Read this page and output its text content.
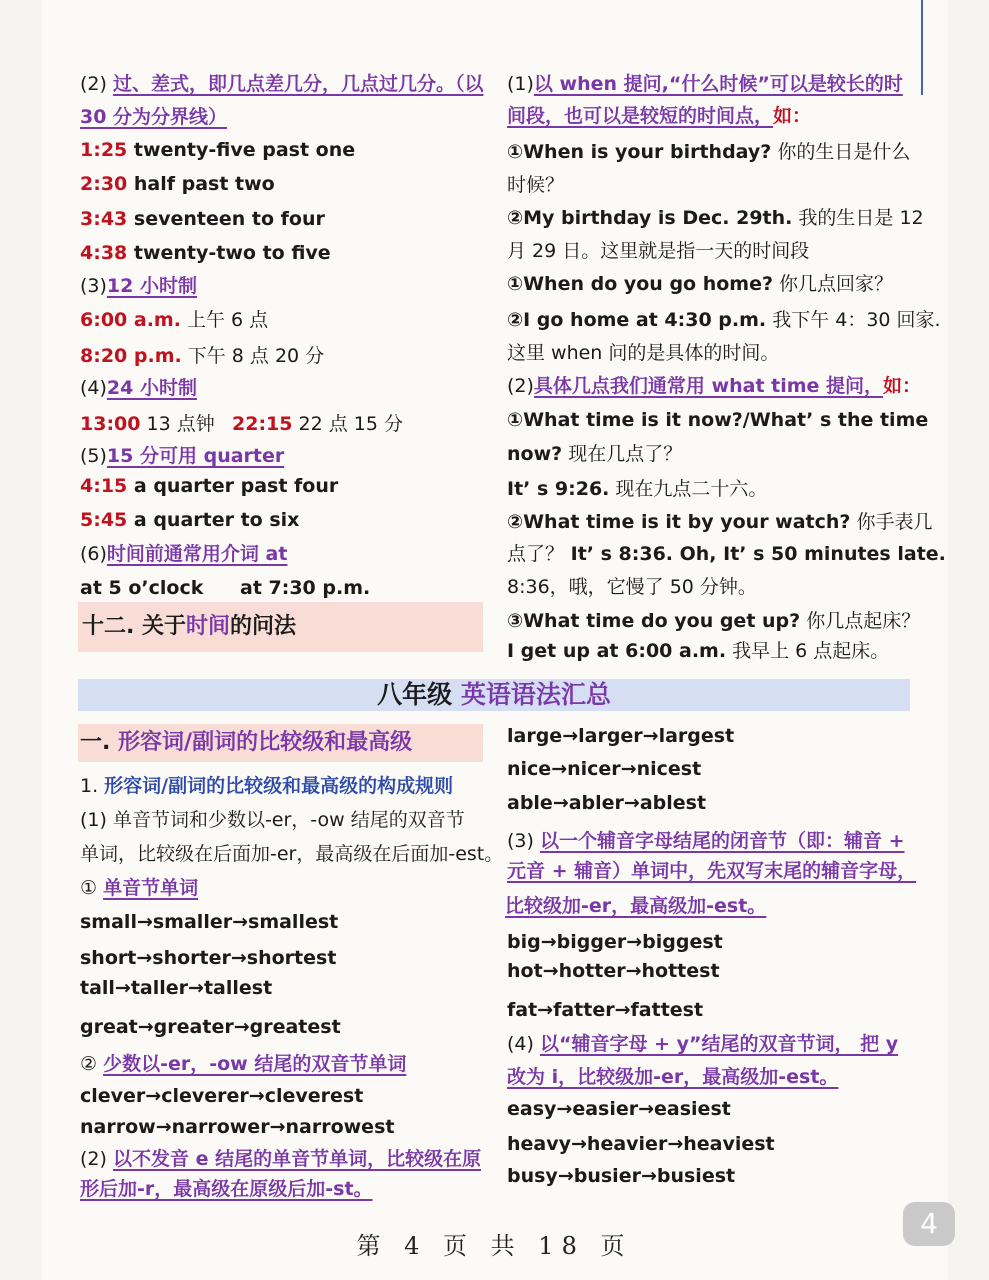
(2) 过、差式，即几点差几分，几点过几分。（以
30 分为分界线）
1:25 twenty-five past one
2:30 half past two
3:43 seventeen to four
4:38 twenty-two to five
(3)12 小时制
6:00 a.m. 上午 6 点
8:20 p.m. 下午 8 点 20 分
(4)24 小时制
13:00 13 点钟 22:15 22 点 15 分
(5)15 分可用 quarter
4:15 a quarter past four
5:45 a quarter to six
(6)时间前通常用介词 at
at 5 o’clock at 7:30 p.m.
十二. 关于时间的问法
(1)以 when 提问,“什么时候”可以是较长的时
间段，也可以是较短的时间点，如：
①When is your birthday? 你的生日是什么
时候？
②My birthday is Dec. 29th. 我的生日是 12
月 29 日。这里就是指一天的时间段
①When do you go home? 你几点回家？
②I go home at 4:30 p.m. 我下午 4：30 回家.
这里 when 问的是具体的时间。
(2)具体几点我们通常用 what time 提问，如：
①What time is it now?/What’ s the time
now? 现在几点了？
It’ s 9:26. 现在九点二十六。
②What time is it by your watch? 你手表几
点了？ It’ s 8:36. Oh, It’ s 50 minutes late.
8:36，哦，它慢了 50 分钟。
③What time do you get up? 你几点起床？
I get up at 6:00 a.m. 我早上 6 点起床。
八年级 英语语法汇总
一. 形容词/副词的比较级和最高级
1. 形容词/副词的比较级和最高级的构成规则
(1) 单音节词和少数以-er，-ow 结尾的双音节
单词，比较级在后面加-er，最高级在后面加-est。
① 单音节单词
small→smaller→smallest
short→shorter→shortest
tall→taller→tallest
great→greater→greatest
② 少数以-er，-ow 结尾的双音节单词
clever→cleverer→cleverest
narrow→narrower→narrowest
(2) 以不发音 e 结尾的单音节单词，比较级在原
形后加-r，最高级在原级后加-st。
large→larger→largest
nice→nicer→nicest
able→abler→ablest
(3) 以一个辅音字母结尾的闭音节（即：辅音 +
元音 + 辅音）单词中，先双写末尾的辅音字母，
比较级加-er，最高级加-est。
big→bigger→biggest
hot→hotter→hottest
fat→fatter→fattest
(4) 以“辅音字母 + y”结尾的双音节词， 把 y
改为 i，比较级加-er，最高级加-est。
easy→easier→easiest
heavy→heavier→heaviest
busy→busier→busiest
第 4 页 共 18 页
4
